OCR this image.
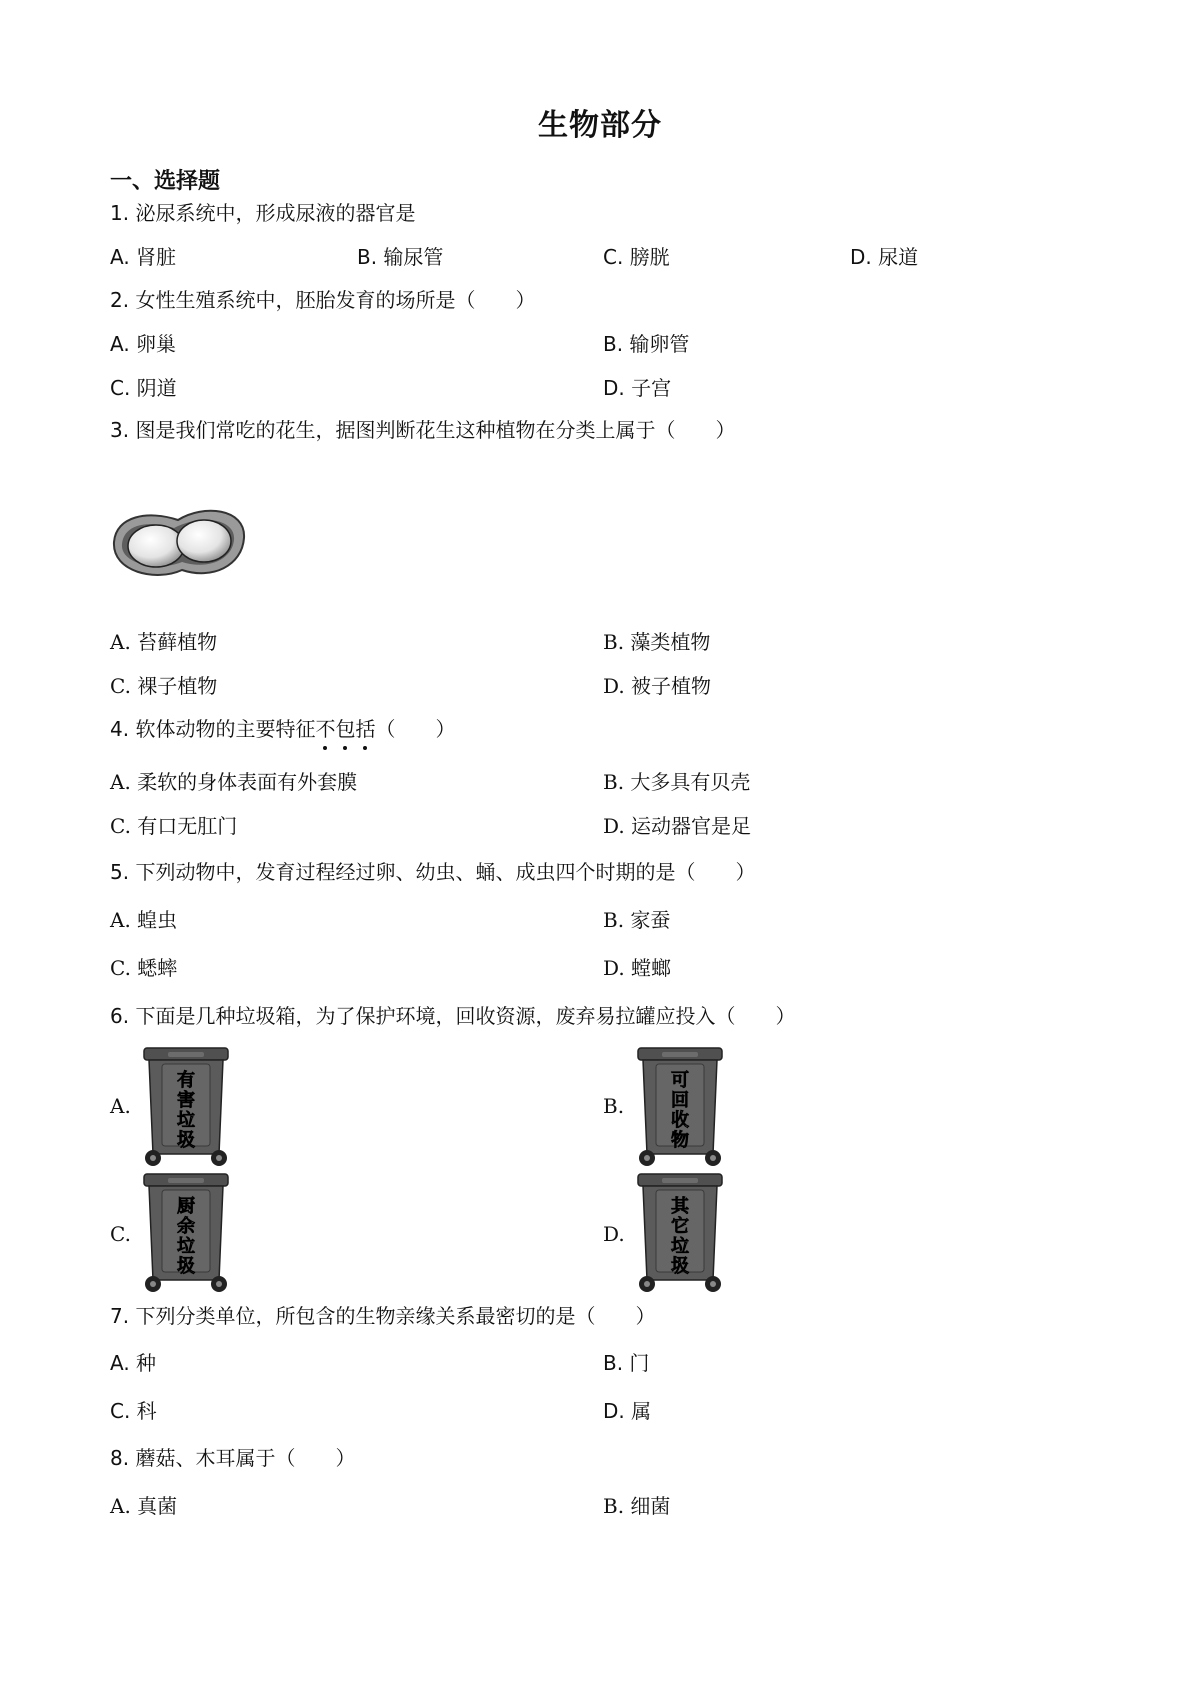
生物部分
一、选择题
1. 泌尿系统中，形成尿液的器官是
A. 肾脏	B. 输尿管	C. 膀胱	D. 尿道
2. 女性生殖系统中，胚胎发育的场所是（　　）
A. 卵巢	B. 输卵管
C. 阴道	D. 子宫
3. 图是我们常吃的花生，据图判断花生这种植物在分类上属于（　　）
A. 苔藓植物	B. 藻类植物
C. 裸子植物	D. 被子植物
4. 软体动物的主要特征不包括（　　）
A. 柔软的身体表面有外套膜	B. 大多具有贝壳
C. 有口无肛门	D. 运动器官是足
5. 下列动物中，发育过程经过卵、幼虫、蛹、成虫四个时期的是（　　）
A. 蝗虫	B. 家蚕
C. 蟋蟀	D. 螳螂
6. 下面是几种垃圾箱，为了保护环境，回收资源，废弃易拉罐应投入（　　）
A.	B.
C.	D.
有
害
垃
圾
可
回
收
物
厨
余
垃
圾
其
它
垃
圾
7. 下列分类单位，所包含的生物亲缘关系最密切的是（　　）
A. 种	B. 门
C. 科	D. 属
8. 蘑菇、木耳属于（　　）
A. 真菌	B. 细菌
